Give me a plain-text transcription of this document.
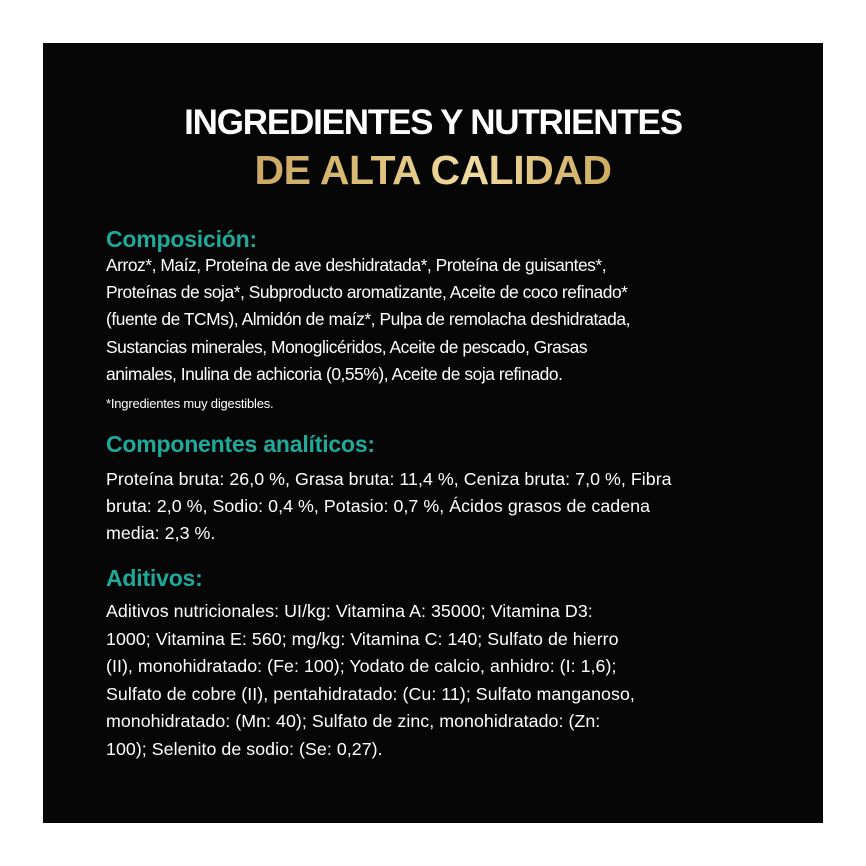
INGREDIENTES Y NUTRIENTES
DE ALTA CALIDAD
Composición:
Arroz*, Maíz, Proteína de ave deshidratada*, Proteína de guisantes*,
Proteínas de soja*, Subproducto aromatizante, Aceite de coco refinado*
(fuente de TCMs), Almidón de maíz*, Pulpa de remolacha deshidratada,
Sustancias minerales, Monoglicéridos, Aceite de pescado, Grasas
animales, Inulina de achicoria (0,55%), Aceite de soja refinado.
*Ingredientes muy digestibles.
Componentes analíticos:
Proteína bruta: 26,0 %, Grasa bruta: 11,4 %, Ceniza bruta: 7,0 %, Fibra
bruta: 2,0 %, Sodio: 0,4 %, Potasio: 0,7 %, Ácidos grasos de cadena
media: 2,3 %.
Aditivos:
Aditivos nutricionales: UI/kg: Vitamina A: 35000; Vitamina D3:
1000; Vitamina E: 560; mg/kg: Vitamina C: 140; Sulfato de hierro
(II), monohidratado: (Fe: 100); Yodato de calcio, anhidro: (I: 1,6);
Sulfato de cobre (II), pentahidratado: (Cu: 11); Sulfato manganoso,
monohidratado: (Mn: 40); Sulfato de zinc, monohidratado: (Zn:
100); Selenito de sodio: (Se: 0,27).
